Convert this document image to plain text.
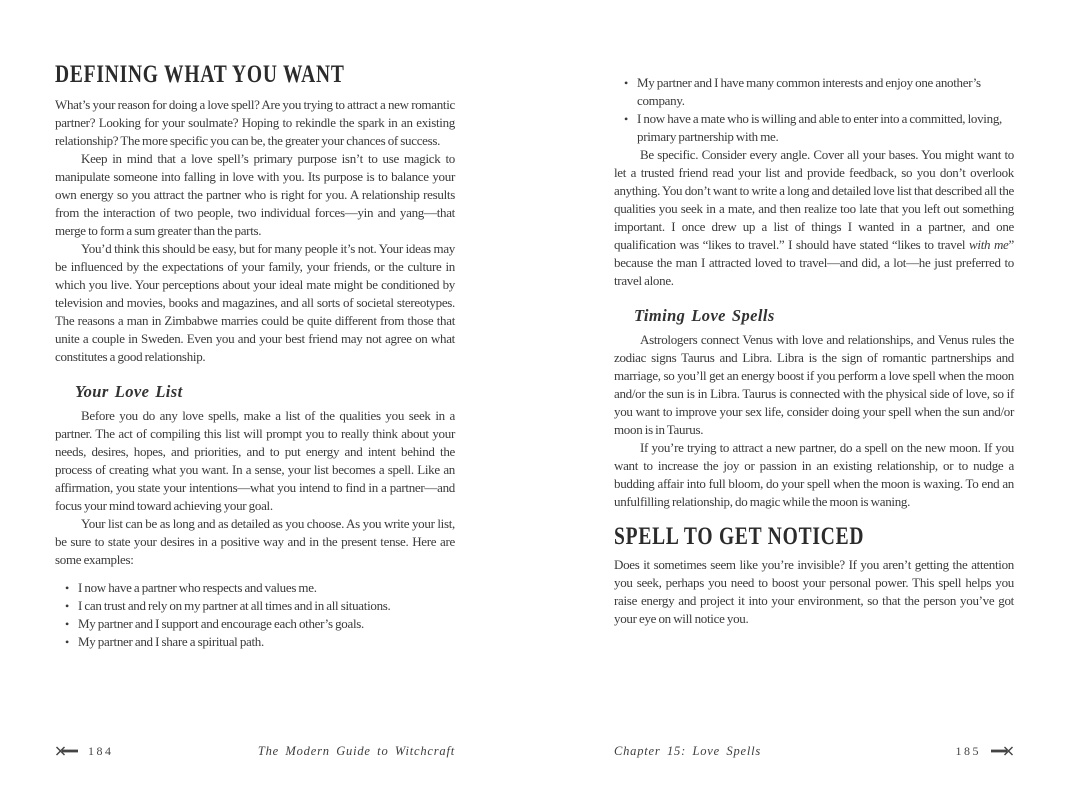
DEFINING WHAT YOU WANT

What’s your reason for doing a love spell? Are you trying to attract a new romantic partner? Looking for your soulmate? Hoping to rekindle the spark in an existing relationship? The more specific you can be, the greater your chances of success.

Keep in mind that a love spell’s primary purpose isn’t to use magick to manipulate someone into falling in love with you. Its purpose is to balance your own energy so you attract the partner who is right for you. A relationship results from the interaction of two people, two individual forces—yin and yang—that merge to form a sum greater than the parts.

You’d think this should be easy, but for many people it’s not. Your ideas may be influenced by the expectations of your family, your friends, or the culture in which you live. Your perceptions about your ideal mate might be conditioned by television and movies, books and magazines, and all sorts of societal stereotypes. The reasons a man in Zimbabwe marries could be quite different from those that unite a couple in Sweden. Even you and your best friend may not agree on what constitutes a good relationship.

Your Love List

Before you do any love spells, make a list of the qualities you seek in a partner. The act of compiling this list will prompt you to really think about your needs, desires, hopes, and priorities, and to put energy and intent behind the process of creating what you want. In a sense, your list becomes a spell. Like an affirmation, you state your intentions—what you intend to find in a partner—and focus your mind toward achieving your goal.

Your list can be as long and as detailed as you choose. As you write your list, be sure to state your desires in a positive way and in the present tense. Here are some examples:

• I now have a partner who respects and values me.
• I can trust and rely on my partner at all times and in all situations.
• My partner and I support and encourage each other’s goals.
• My partner and I share a spiritual path.
• My partner and I have many common interests and enjoy one another’s company.
• I now have a mate who is willing and able to enter into a committed, loving, primary partnership with me.

Be specific. Consider every angle. Cover all your bases. You might want to let a trusted friend read your list and provide feedback, so you don’t overlook anything. You don’t want to write a long and detailed love list that described all the qualities you seek in a mate, and then realize too late that you left out something important. I once drew up a list of things I wanted in a partner, and one qualification was “likes to travel.” I should have stated “likes to travel with me” because the man I attracted loved to travel—and did, a lot—he just preferred to travel alone.

Timing Love Spells

Astrologers connect Venus with love and relationships, and Venus rules the zodiac signs Taurus and Libra. Libra is the sign of romantic partnerships and marriage, so you’ll get an energy boost if you perform a love spell when the moon and/or the sun is in Libra. Taurus is connected with the physical side of love, so if you want to improve your sex life, consider doing your spell when the sun and/or moon is in Taurus.

If you’re trying to attract a new partner, do a spell on the new moon. If you want to increase the joy or passion in an existing relationship, or to nudge a budding affair into full bloom, do your spell when the moon is waxing. To end an unfulfilling relationship, do magic while the moon is waning.

SPELL TO GET NOTICED

Does it sometimes seem like you’re invisible? If you aren’t getting the attention you seek, perhaps you need to boost your personal power. This spell helps you raise energy and project it into your environment, so that the person you’ve got your eye on will notice you.

184	The Modern Guide to Witchcraft	Chapter 15: Love Spells	185
